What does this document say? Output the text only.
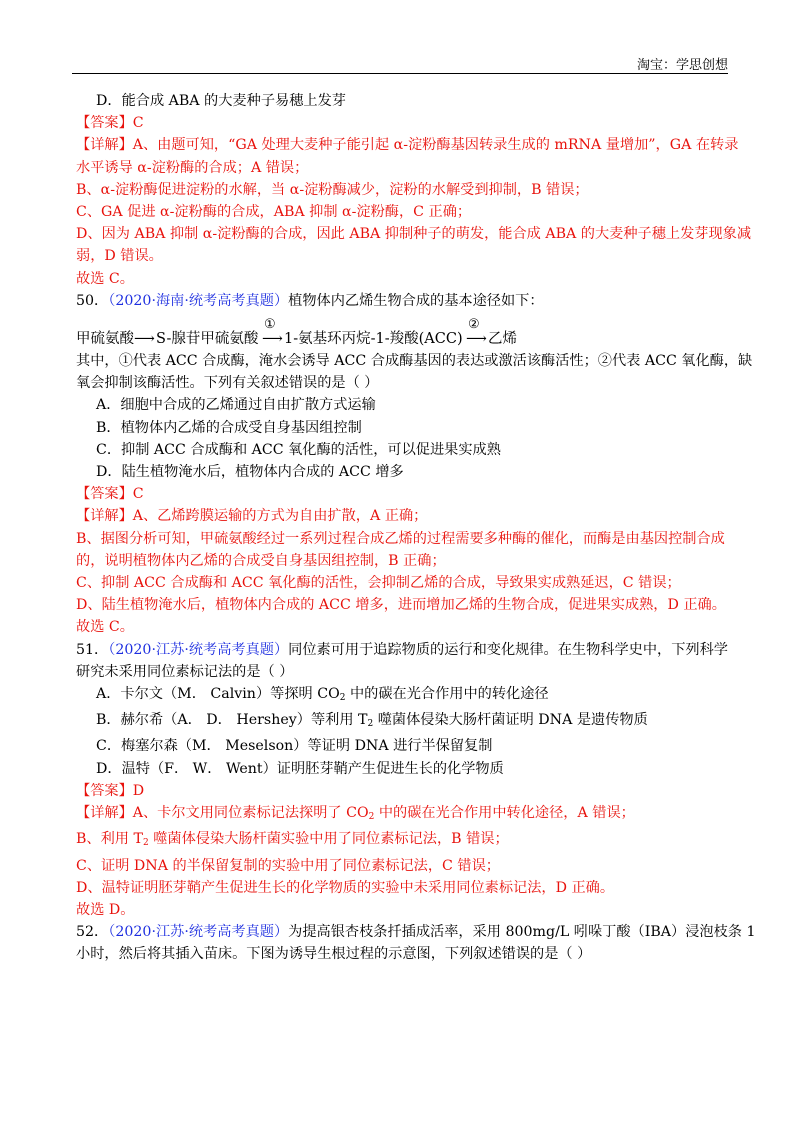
淘宝：学思创想
D．能合成 ABA 的大麦种子易穗上发芽
【答案】C
【详解】A、由题可知，“GA 处理大麦种子能引起 α-淀粉酶基因转录生成的 mRNA 量增加”，GA 在转录
水平诱导 α-淀粉酶的合成；A 错误；
B、α-淀粉酶促进淀粉的水解，当 α-淀粉酶减少，淀粉的水解受到抑制，B 错误；
C、GA 促进 α-淀粉酶的合成，ABA 抑制 α-淀粉酶，C 正确；
D、因为 ABA 抑制 α-淀粉酶的合成，因此 ABA 抑制种子的萌发，能合成 ABA 的大麦种子穗上发芽现象减
弱，D 错误。
故选 C。
50．（2020·海南·统考高考真题）植物体内乙烯生物合成的基本途径如下：
甲硫氨酸 ⟶ S-腺苷甲硫氨酸
①
⟶ 1-氨基环丙烷-1-羧酸(ACC)
②
⟶ 乙烯
其中，①代表 ACC 合成酶，淹水会诱导 ACC 合成酶基因的表达或激活该酶活性；②代表 ACC 氧化酶，缺
氧会抑制该酶活性。下列有关叙述错误的是（ ）
A．细胞中合成的乙烯通过自由扩散方式运输
B．植物体内乙烯的合成受自身基因组控制
C．抑制 ACC 合成酶和 ACC 氧化酶的活性，可以促进果实成熟
D．陆生植物淹水后，植物体内合成的 ACC 增多
【答案】C
【详解】A、乙烯跨膜运输的方式为自由扩散，A 正确；
B、据图分析可知，甲硫氨酸经过一系列过程合成乙烯的过程需要多种酶的催化，而酶是由基因控制合成
的，说明植物体内乙烯的合成受自身基因组控制，B 正确；
C、抑制 ACC 合成酶和 ACC 氧化酶的活性，会抑制乙烯的合成，导致果实成熟延迟，C 错误；
D、陆生植物淹水后，植物体内合成的 ACC 增多，进而增加乙烯的生物合成，促进果实成熟，D 正确。
故选 C。
51．（2020·江苏·统考高考真题）同位素可用于追踪物质的运行和变化规律。在生物科学史中，下列科学
研究未采用同位素标记法的是（ ）
A．卡尔文（M． Calvin）等探明 $CO_2$ 中的碳在光合作用中的转化途径
B．赫尔希（A． D． Hershey）等利用 $T_2$ 噬菌体侵染大肠杆菌证明 DNA 是遗传物质
C．梅塞尔森（M． Meselson）等证明 DNA 进行半保留复制
D．温特（F． W． Went）证明胚芽鞘产生促进生长的化学物质
【答案】D
【详解】A、卡尔文用同位素标记法探明了 $CO_2$ 中的碳在光合作用中转化途径，A 错误；
B、利用 $T_2$ 噬菌体侵染大肠杆菌实验中用了同位素标记法，B 错误；
C、证明 DNA 的半保留复制的实验中用了同位素标记法，C 错误；
D、温特证明胚芽鞘产生促进生长的化学物质的实验中未采用同位素标记法，D 正确。
故选 D。
52．（2020·江苏·统考高考真题）为提高银杏枝条扦插成活率，采用 800mg/L 吲哚丁酸（IBA）浸泡枝条 1
小时，然后将其插入苗床。下图为诱导生根过程的示意图，下列叙述错误的是（ ）
